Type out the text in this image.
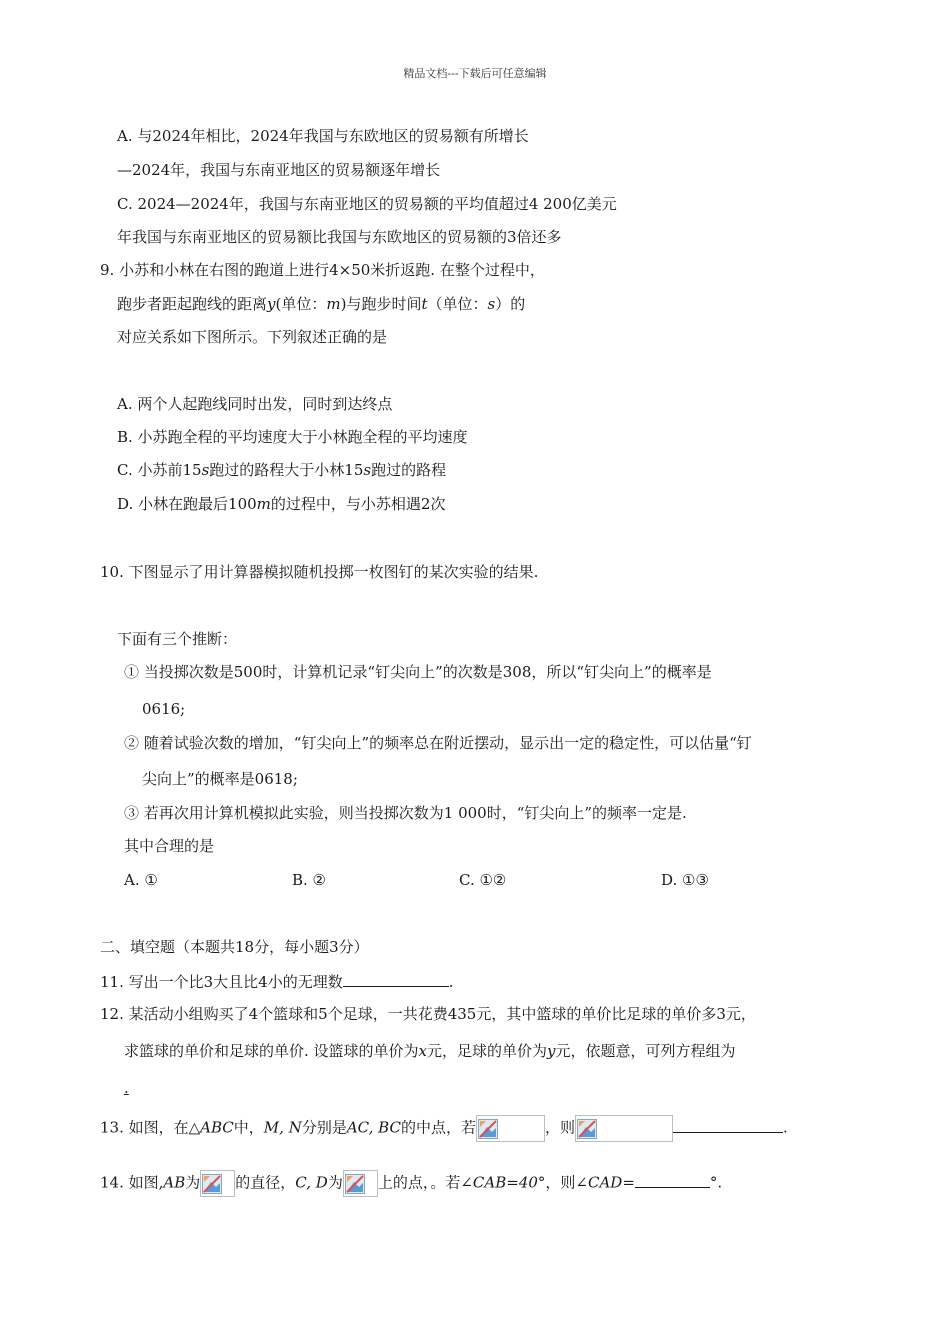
精品文档---下载后可任意编辑
A. 与2024年相比，2024年我国与东欧地区的贸易额有所增长
—2024年，我国与东南亚地区的贸易额逐年增长
C. 2024—2024年，我国与东南亚地区的贸易额的平均值超过4 200亿美元
年我国与东南亚地区的贸易额比我国与东欧地区的贸易额的3倍还多
9. 小苏和小林在右图的跑道上进行4×50米折返跑. 在整个过程中，
跑步者距起跑线的距离y(单位：m)与跑步时间t（单位：s）的
对应关系如下图所示。下列叙述正确的是
A. 两个人起跑线同时出发，同时到达终点
B. 小苏跑全程的平均速度大于小林跑全程的平均速度
C. 小苏前15s跑过的路程大于小林15s跑过的路程
D. 小林在跑最后100m的过程中，与小苏相遇2次
10. 下图显示了用计算器模拟随机投掷一枚图钉的某次实验的结果.
下面有三个推断：
① 当投掷次数是500时，计算机记录“钉尖向上”的次数是308，所以“钉尖向上”的概率是
0616;
② 随着试验次数的增加，“钉尖向上”的频率总在附近摆动，显示出一定的稳定性，可以估量“钉
尖向上”的概率是0618;
③ 若再次用计算机模拟此实验，则当投掷次数为1 000时，“钉尖向上”的频率一定是.
其中合理的是
A. ①	B. ②	C. ①②	D. ①③
二、填空题（本题共18分，每小题3分）
11. 写出一个比3大且比4小的无理数	.
12. 某活动小组购买了4个篮球和5个足球，一共花费435元，其中篮球的单价比足球的单价多3元，
求篮球的单价和足球的单价. 设篮球的单价为x元，足球的单价为y元，依题意，可列方程组为
.
13. 如图，在△ABC中，M, N分别是AC, BC的中点，若	，则	.
14. 如图,AB为 的直径，C, D为 上的点，。若∠CAB=40°，则∠CAD=	°.
